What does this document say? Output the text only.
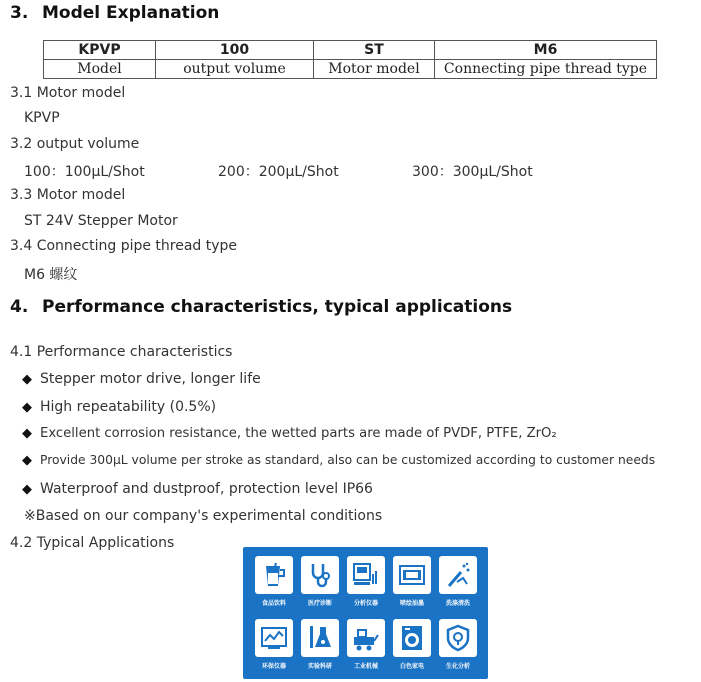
3. Model Explanation
KPVP	100	ST	M6
Model	output volume	Motor model	Connecting pipe thread type
3.1 Motor model
KPVP
3.2 output volume
100：100μL/Shot	200：200μL/Shot	300：300μL/Shot
3.3 Motor model
ST 24V Stepper Motor
3.4 Connecting pipe thread type
M6 螺纹
4. Performance characteristics, typical applications
4.1 Performance characteristics
◆ Stepper motor drive, longer life
◆ High repeatability (0.5%)
◆ Excellent corrosion resistance, the wetted parts are made of PVDF, PTFE, ZrO₂
◆ Provide 300μL volume per stroke as standard, also can be customized according to customer needs
◆ Waterproof and dustproof, protection level IP66
※Based on our company's experimental conditions
4.2 Typical Applications
食品饮料	医疗诊断	分析仪器	喷绘油墨	洗涤清洗
环保仪器	实验科研	工业机械	白色家电	生化分析
